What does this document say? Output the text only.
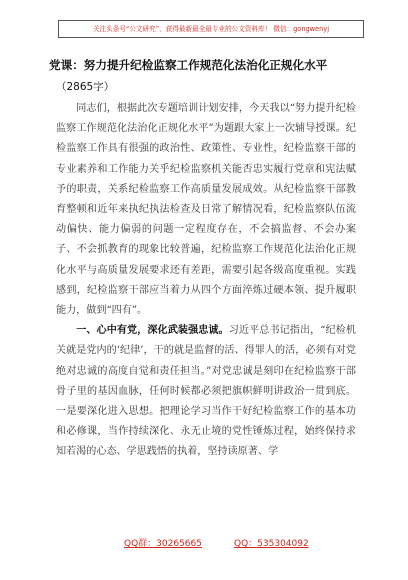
关注头条号“公文研究”，获得最新最全最专业的公文资料库！ 微信：gongwenyj
党课：努力提升纪检监察工作规范化法治化正规化水平
（2865字）

同志们，根据此次专题培训计划安排，今天我以“努力提升纪检监察工作规范化法治化正规化水平”为题跟大家上一次辅导授课。纪检监察工作具有很强的政治性、政策性、专业性，纪检监察干部的专业素养和工作能力关乎纪检监察机关能否忠实履行党章和宪法赋予的职责，关系纪检监察工作高质量发展成效。从纪检监察干部教育整顿和近年来执纪执法检查及日常了解情况看，纪检监察队伍流动偏快、能力偏弱的问题一定程度存在，不会搞监督、不会办案子、不会抓教育的现象比较普遍，纪检监察工作规范化法治化正规化水平与高质量发展要求还有差距，需要引起各级高度重视。实践感到，纪检监察干部应当着力从四个方面淬炼过硬本领、提升履职能力，做到“四有”。

一、心中有党，深化武装强忠诚。习近平总书记指出，“纪检机关就是党内的‘纪律’，干的就是监督的活、得罪人的活，必须有对党绝对忠诚的高度自觉和责任担当。”对党忠诚是刻印在纪检监察干部骨子里的基因血脉，任何时候都必须把旗帜鲜明讲政治一贯到底。一是要深化进入思想。把理论学习当作干好纪检监察工作的基本功和必修课，当作持续深化、永无止境的党性锤炼过程，始终保持求知若渴的心态、学思践悟的执着，坚持读原著、学

QQ群：30265665	QQ：535304092
